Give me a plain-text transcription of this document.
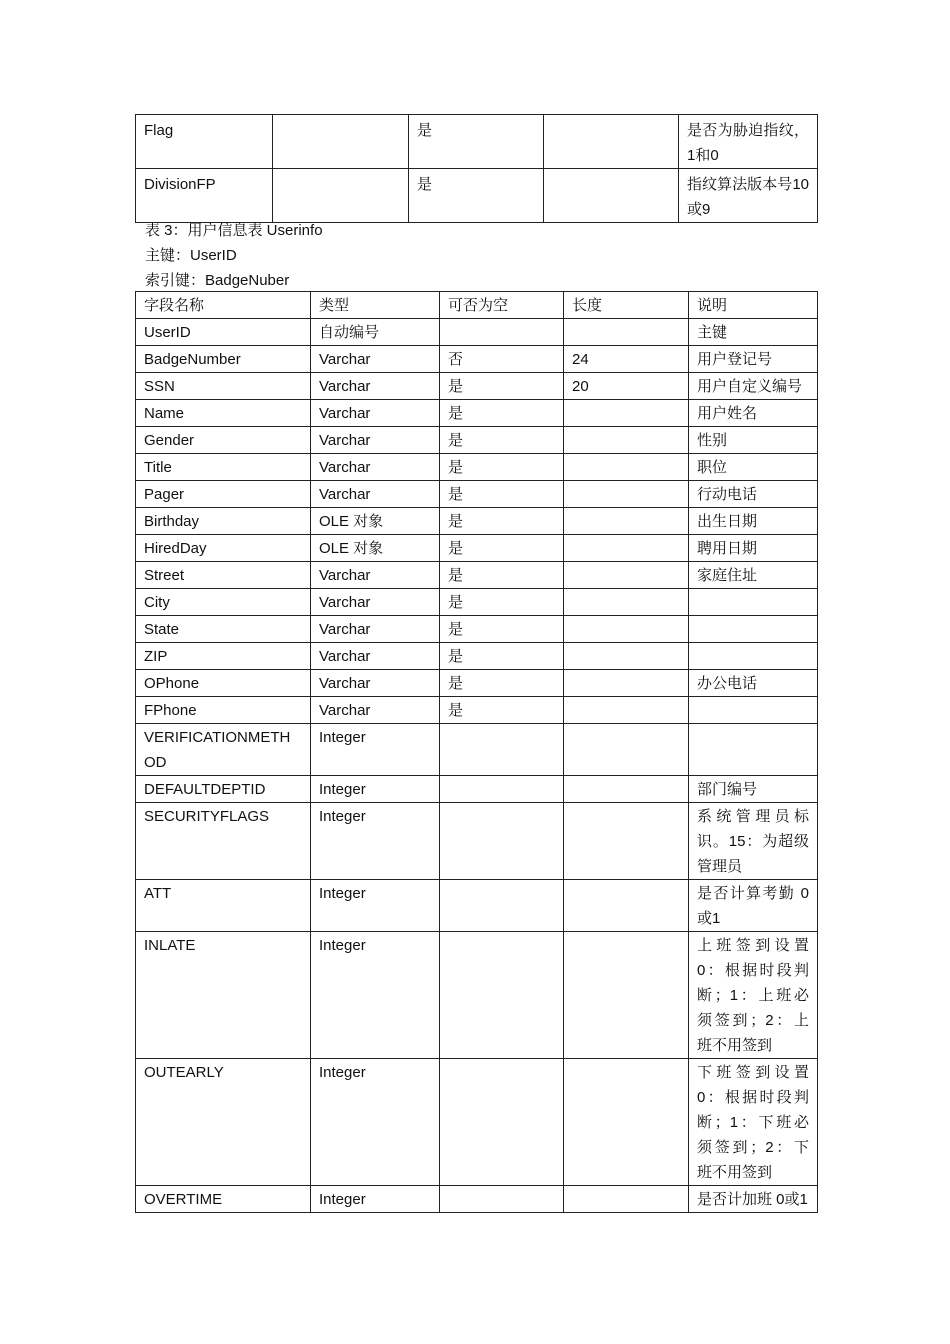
Flag		是		是否为胁迫指纹，1和0
DivisionFP		是		指纹算法版本号10或9
表 3：用户信息表 Userinfo
主键：UserID
索引键：BadgeNuber
字段名称	类型	可否为空	长度	说明
UserID	自动编号			主键
BadgeNumber	Varchar	否	24	用户登记号
SSN	Varchar	是	20	用户自定义编号
Name	Varchar	是		用户姓名
Gender	Varchar	是		性别
Title	Varchar	是		职位
Pager	Varchar	是		行动电话
Birthday	OLE 对象	是		出生日期
HiredDay	OLE 对象	是		聘用日期
Street	Varchar	是		家庭住址
City	Varchar	是		
State	Varchar	是		
ZIP	Varchar	是		
OPhone	Varchar	是		办公电话
FPhone	Varchar	是		
VERIFICATIONMETHOD	Integer			
DEFAULTDEPTID	Integer			部门编号
SECURITYFLAGS	Integer			系统管理员标识。15：为超级管理员
ATT	Integer			是否计算考勤 0或1
INLATE	Integer			上班签到设置 0：根据时段判断；1：上班必须签到；2：上班不用签到
OUTEARLY	Integer			下班签到设置 0：根据时段判断；1：下班必须签到；2：下班不用签到
OVERTIME	Integer			是否计加班 0或1
